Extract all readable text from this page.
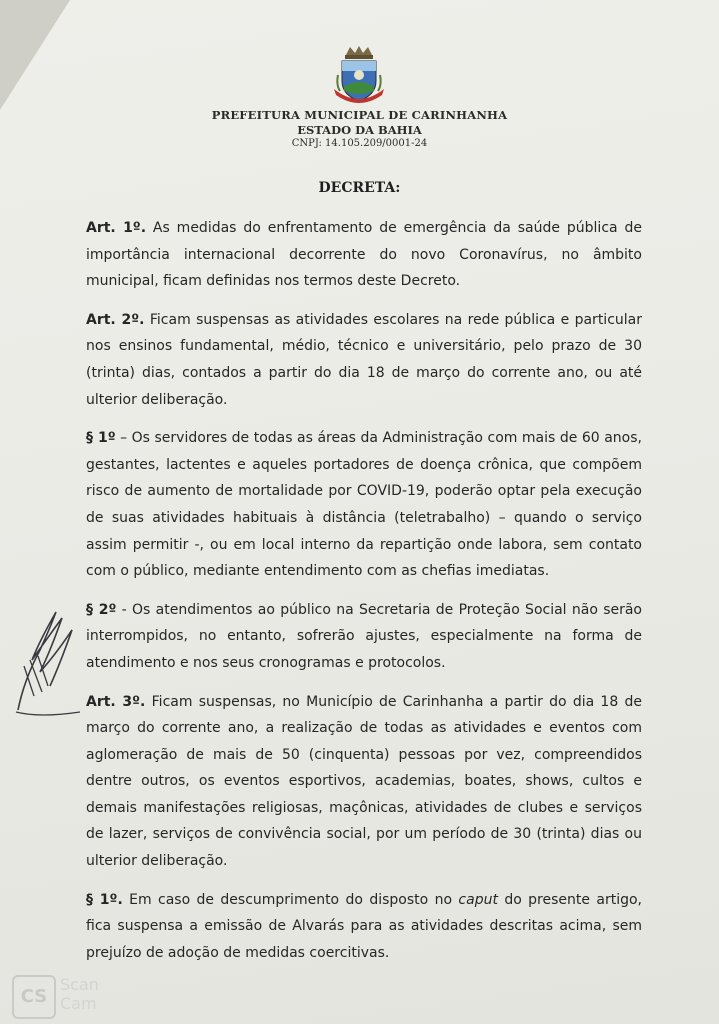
PREFEITURA MUNICIPAL DE CARINHANHA
ESTADO DA BAHIA
CNPJ: 14.105.209/0001-24
DECRETA:

Art. 1º. As medidas do enfrentamento de emergência da saúde pública de importância internacional decorrente do novo Coronavírus, no âmbito municipal, ficam definidas nos termos deste Decreto.

Art. 2º. Ficam suspensas as atividades escolares na rede pública e particular nos ensinos fundamental, médio, técnico e universitário, pelo prazo de 30 (trinta) dias, contados a partir do dia 18 de março do corrente ano, ou até ulterior deliberação.

§ 1º – Os servidores de todas as áreas da Administração com mais de 60 anos, gestantes, lactentes e aqueles portadores de doença crônica, que compõem risco de aumento de mortalidade por COVID-19, poderão optar pela execução de suas atividades habituais à distância (teletrabalho) – quando o serviço assim permitir -, ou em local interno da repartição onde labora, sem contato com o público, mediante entendimento com as chefias imediatas.

§ 2º - Os atendimentos ao público na Secretaria de Proteção Social não serão interrompidos, no entanto, sofrerão ajustes, especialmente na forma de atendimento e nos seus cronogramas e protocolos.

Art. 3º. Ficam suspensas, no Município de Carinhanha a partir do dia 18 de março do corrente ano, a realização de todas as atividades e eventos com aglomeração de mais de 50 (cinquenta) pessoas por vez, compreendidos dentre outros, os eventos esportivos, academias, boates, shows, cultos e demais manifestações religiosas, maçônicas, atividades de clubes e serviços de lazer, serviços de convivência social, por um período de 30 (trinta) dias ou ulterior deliberação.

§ 1º. Em caso de descumprimento do disposto no caput do presente artigo, fica suspensa a emissão de Alvarás para as atividades descritas acima, sem prejuízo de adoção de medidas coercitivas.

CS
Scan
Cam
